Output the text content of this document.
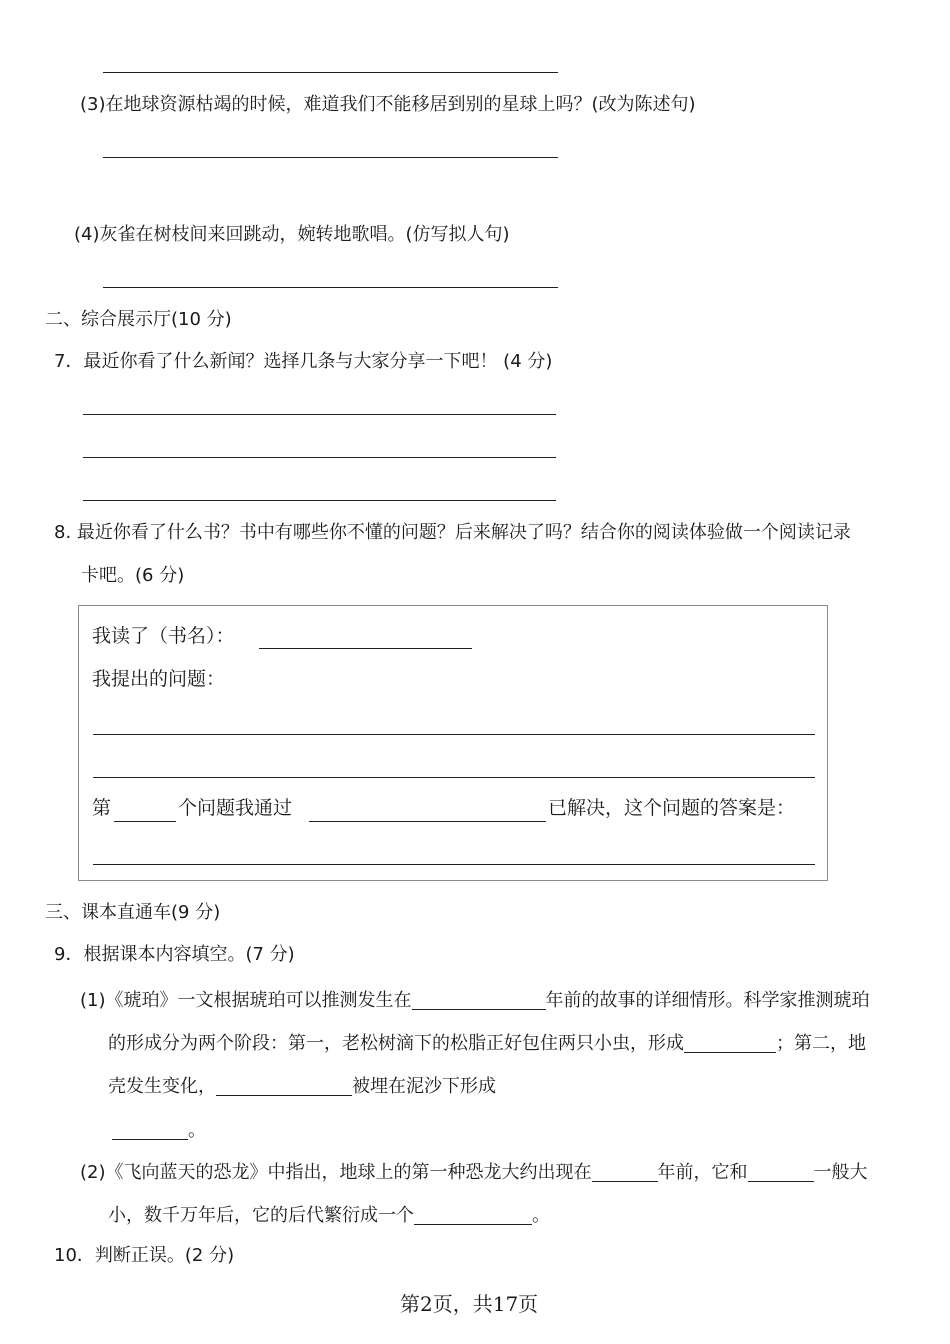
(3)在地球资源枯竭的时候，难道我们不能移居到别的星球上吗？(改为陈述句)
(4)灰雀在树枝间来回跳动，婉转地歌唱。(仿写拟人句)
二、综合展示厅(10 分)
7．最近你看了什么新闻？选择几条与大家分享一下吧！ (4 分)
8. 最近你看了什么书？书中有哪些你不懂的问题？后来解决了吗？结合你的阅读体验做一个阅读记录
卡吧。(6 分)
我读了（书名）：
我提出的问题：
第	个问题我通过	已解决，这个问题的答案是：
三、课本直通车(9 分)
9．根据课本内容填空。(7 分)
(1)《琥珀》一文根据琥珀可以推测发生在	年前的故事的详细情形。科学家推测琥珀
的形成分为两个阶段：第一，老松树滴下的松脂正好包住两只小虫，形成	；第二，地
壳发生变化，	被埋在泥沙下形成
。
(2)《飞向蓝天的恐龙》中指出，地球上的第一种恐龙大约出现在	年前，它和	一般大
小，数千万年后，它的后代繁衍成一个	。
10．判断正误。(2 分)
第2页，共17页
